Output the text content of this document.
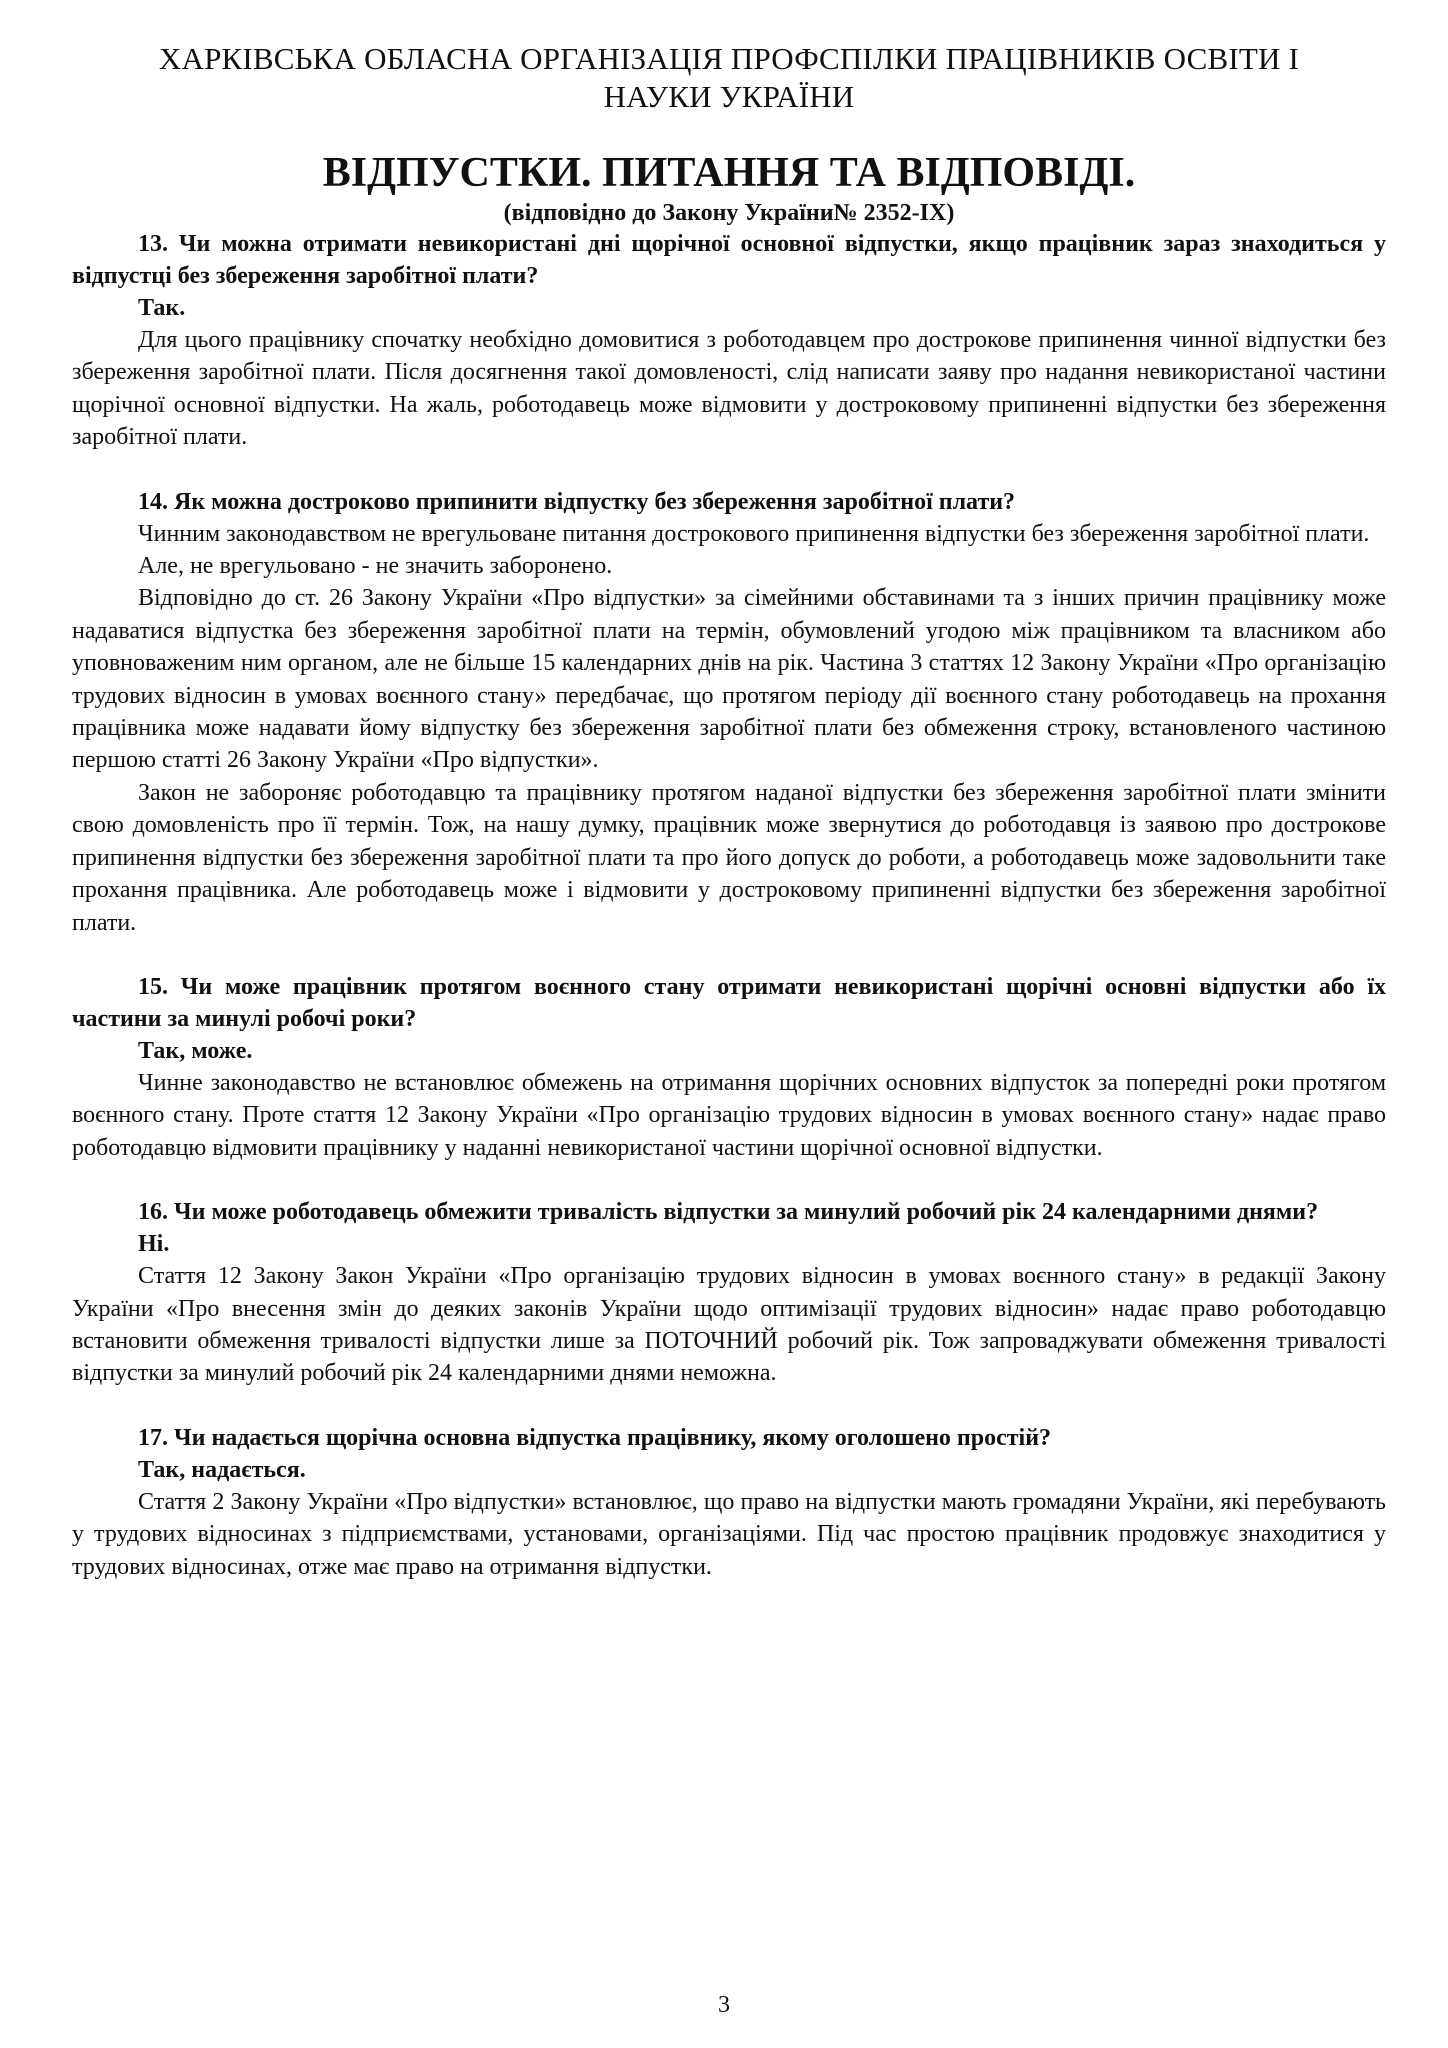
ХАРКІВСЬКА ОБЛАСНА ОРГАНІЗАЦІЯ ПРОФСПІЛКИ ПРАЦІВНИКІВ ОСВІТИ І

НАУКИ УКРАЇНИ

ВІДПУСТКИ. ПИТАННЯ ТА ВІДПОВІДІ.

(відповідно до Закону України№ 2352-IX)

13. Чи можна отримати невикористані дні щорічної основної відпустки, якщо працівник зараз знаходиться у відпустці без збереження заробітної плати?

Так.

Для цього працівнику спочатку необхідно домовитися з роботодавцем про дострокове припинення чинної відпустки без збереження заробітної плати. Після досягнення такої домовленості, слід написати заяву про надання невикористаної частини щорічної основної відпустки. На жаль, роботодавець може відмовити у достроковому припиненні відпустки без збереження заробітної плати.

14. Як можна достроково припинити відпустку без збереження заробітної плати?

Чинним законодавством не врегульоване питання дострокового припинення відпустки без збереження заробітної плати.

Але, не врегульовано - не значить заборонено.

Відповідно до ст. 26 Закону України «Про відпустки» за сімейними обставинами та з інших причин працівнику може надаватися відпустка без збереження заробітної плати на термін, обумовлений угодою між працівником та власником або уповноваженим ним органом, але не більше 15 календарних днів на рік. Частина 3 статтях 12 Закону України «Про організацію трудових відносин в умовах воєнного стану» передбачає, що протягом періоду дії воєнного стану роботодавець на прохання працівника може надавати йому відпустку без збереження заробітної плати без обмеження строку, встановленого частиною першою статті 26 Закону України «Про відпустки».

Закон не забороняє роботодавцю та працівнику протягом наданої відпустки без збереження заробітної плати змінити свою домовленість про її термін. Тож, на нашу думку, працівник може звернутися до роботодавця із заявою про дострокове припинення відпустки без збереження заробітної плати та про його допуск до роботи, а роботодавець може задовольнити таке прохання працівника. Але роботодавець може і відмовити у достроковому припиненні відпустки без збереження заробітної плати.

15. Чи може працівник протягом воєнного стану отримати невикористані щорічні основні відпустки або їх частини за минулі робочі роки?

Так, може.

Чинне законодавство не встановлює обмежень на отримання щорічних основних відпусток за попередні роки протягом воєнного стану. Проте стаття 12 Закону України «Про організацію трудових відносин в умовах воєнного стану» надає право роботодавцю відмовити працівнику у наданні невикористаної частини щорічної основної відпустки.

16. Чи може роботодавець обмежити тривалість відпустки за минулий робочий рік 24 календарними днями?

Ні.

Стаття 12 Закону Закон України «Про організацію трудових відносин в умовах воєнного стану» в редакції Закону України «Про внесення змін до деяких законів України щодо оптимізації трудових відносин» надає право роботодавцю встановити обмеження тривалості відпустки лише за ПОТОЧНИЙ робочий рік. Тож запроваджувати обмеження тривалості відпустки за минулий робочий рік 24 календарними днями неможна.

17. Чи надається щорічна основна відпустка працівнику, якому оголошено простій?

Так, надається.

Стаття 2 Закону України «Про відпустки» встановлює, що право на відпустки мають громадяни України, які перебувають у трудових відносинах з підприємствами, установами, організаціями. Під час простою працівник продовжує знаходитися у трудових відносинах, отже має право на отримання відпустки.

3
